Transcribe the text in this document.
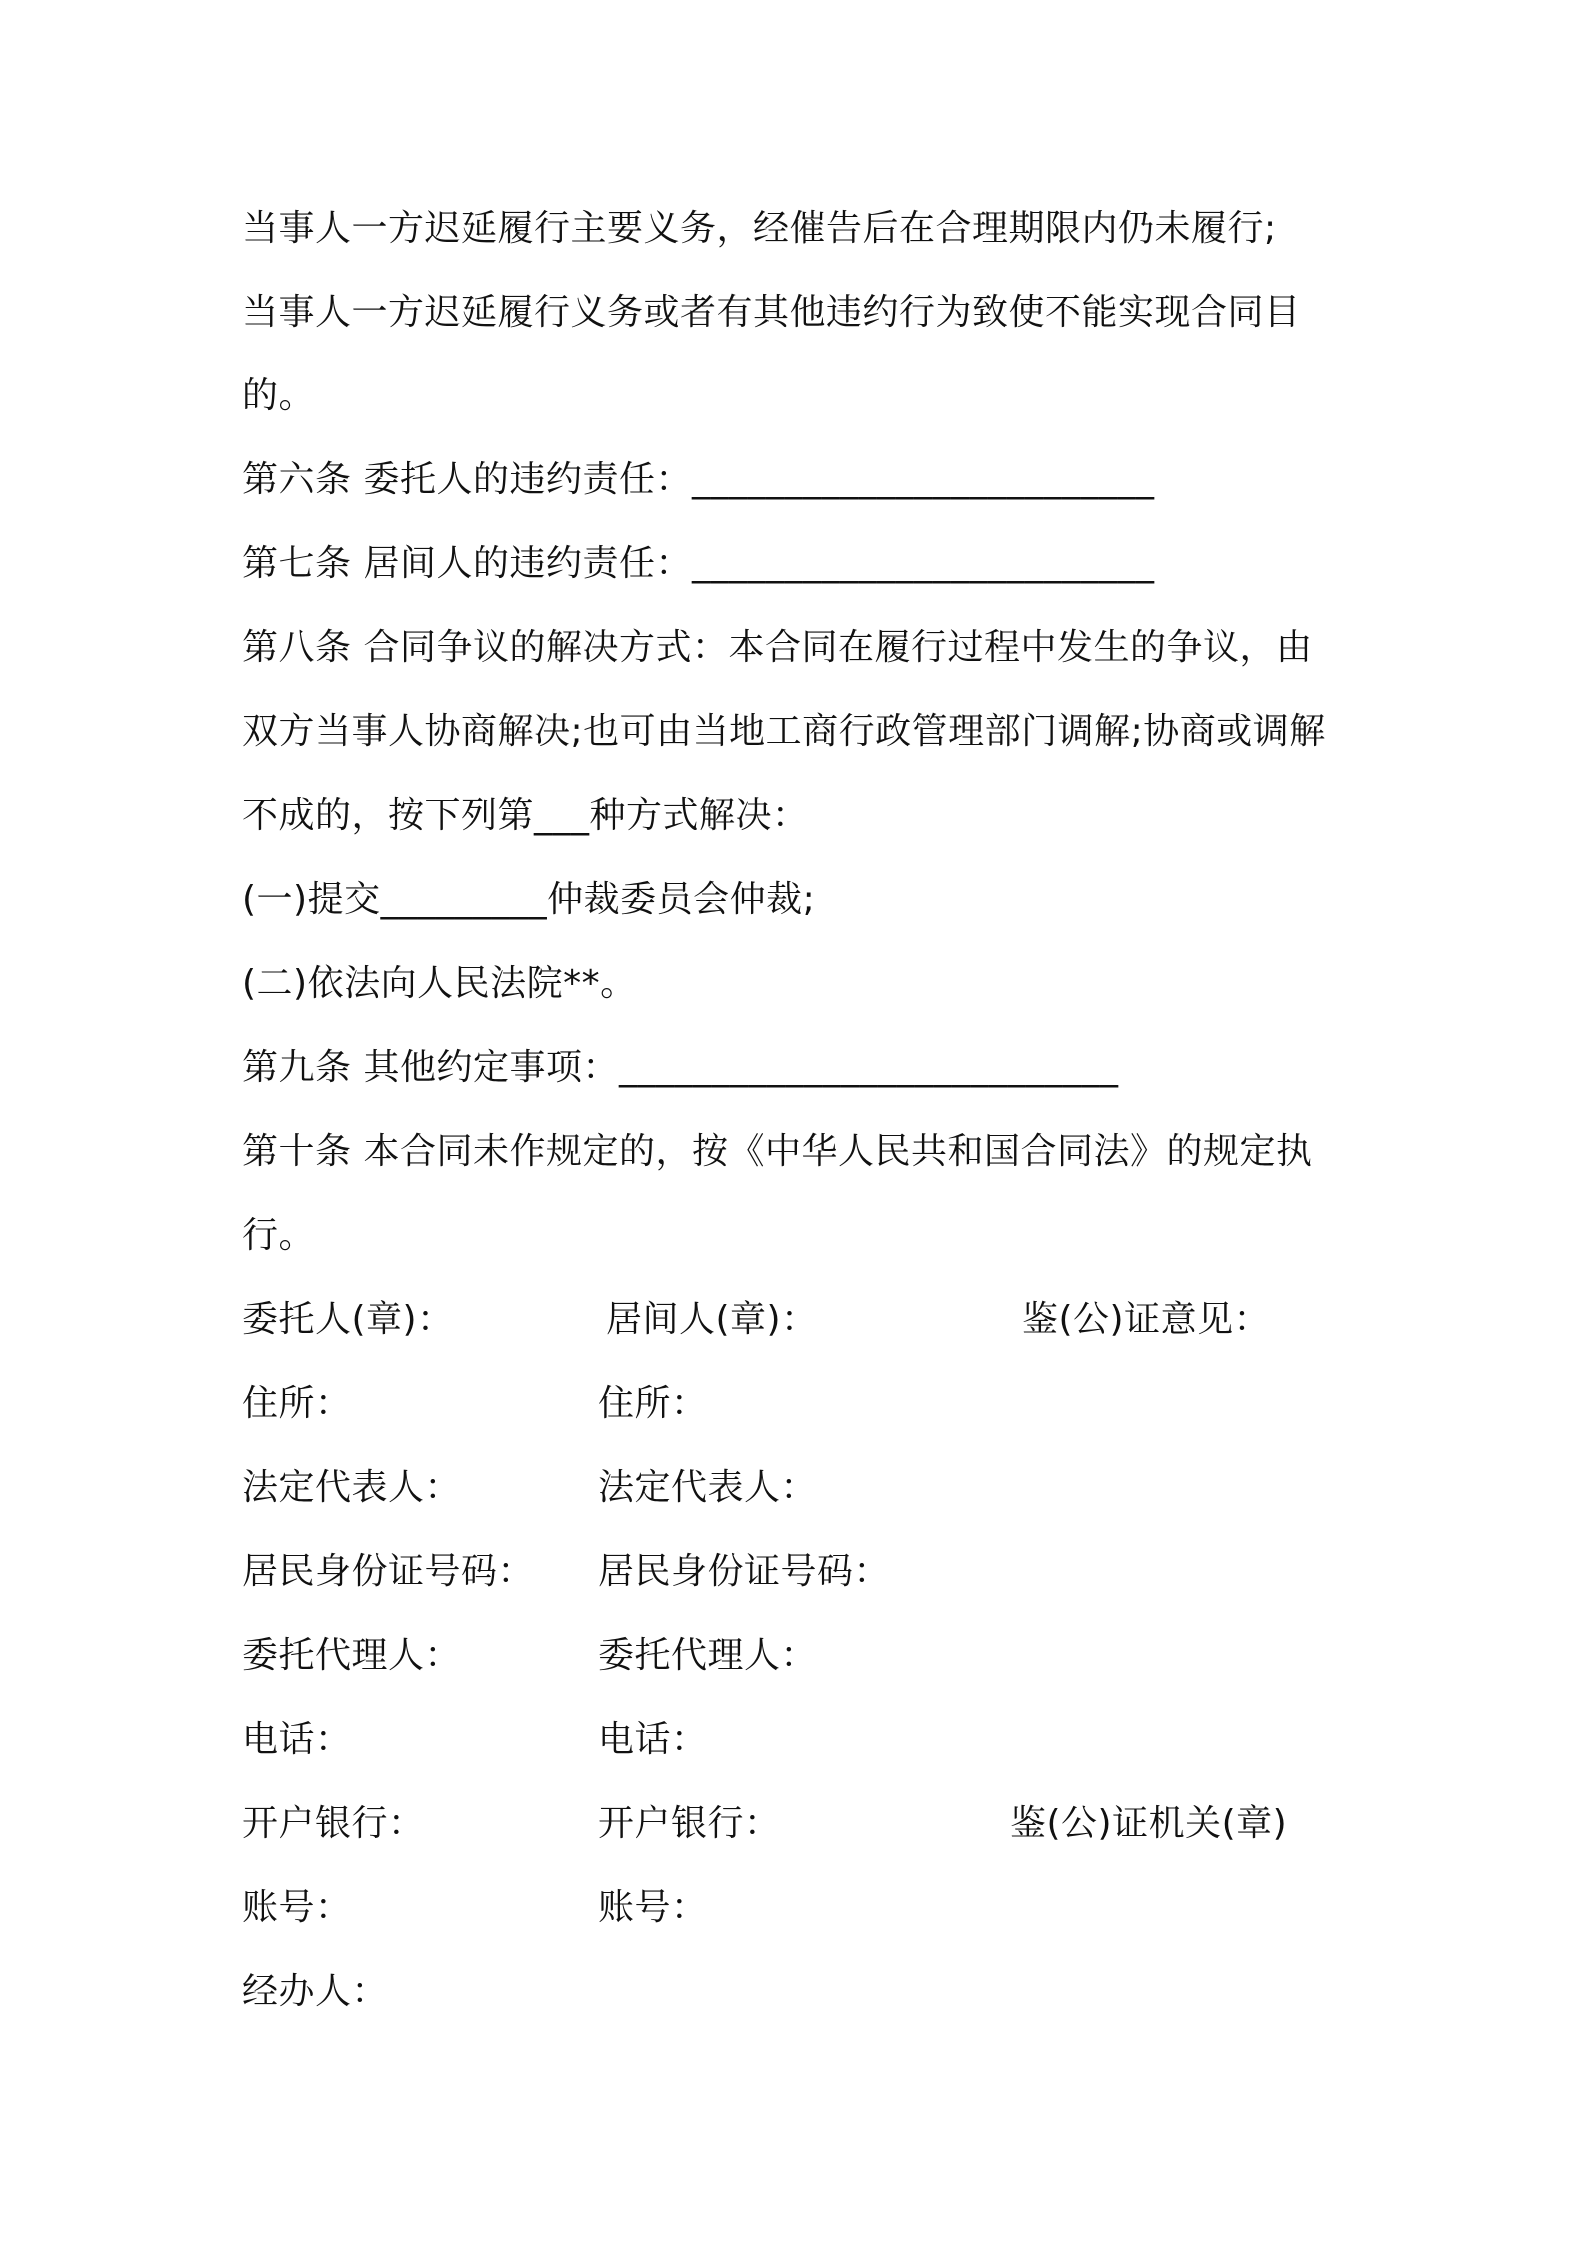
当事人一方迟延履行主要义务，经催告后在合理期限内仍未履行;
当事人一方迟延履行义务或者有其他违约行为致使不能实现合同目
的。
第六条 委托人的违约责任：_________________________
第七条 居间人的违约责任：_________________________
第八条 合同争议的解决方式：本合同在履行过程中发生的争议，由
双方当事人协商解决;也可由当地工商行政管理部门调解;协商或调解
不成的，按下列第___种方式解决：
(一)提交_________仲裁委员会仲裁;
(二)依法向人民法院**。
第九条 其他约定事项：___________________________
第十条 本合同未作规定的，按《中华人民共和国合同法》的规定执
行。
委托人(章)：	居间人(章)：	鉴(公)证意见：
住所：	住所：
法定代表人：	法定代表人：
居民身份证号码： 居民身份证号码：
委托代理人：	委托代理人：
电话：	电话：
开户银行：	开户银行：	鉴(公)证机关(章)
账号：	账号：
经办人：
